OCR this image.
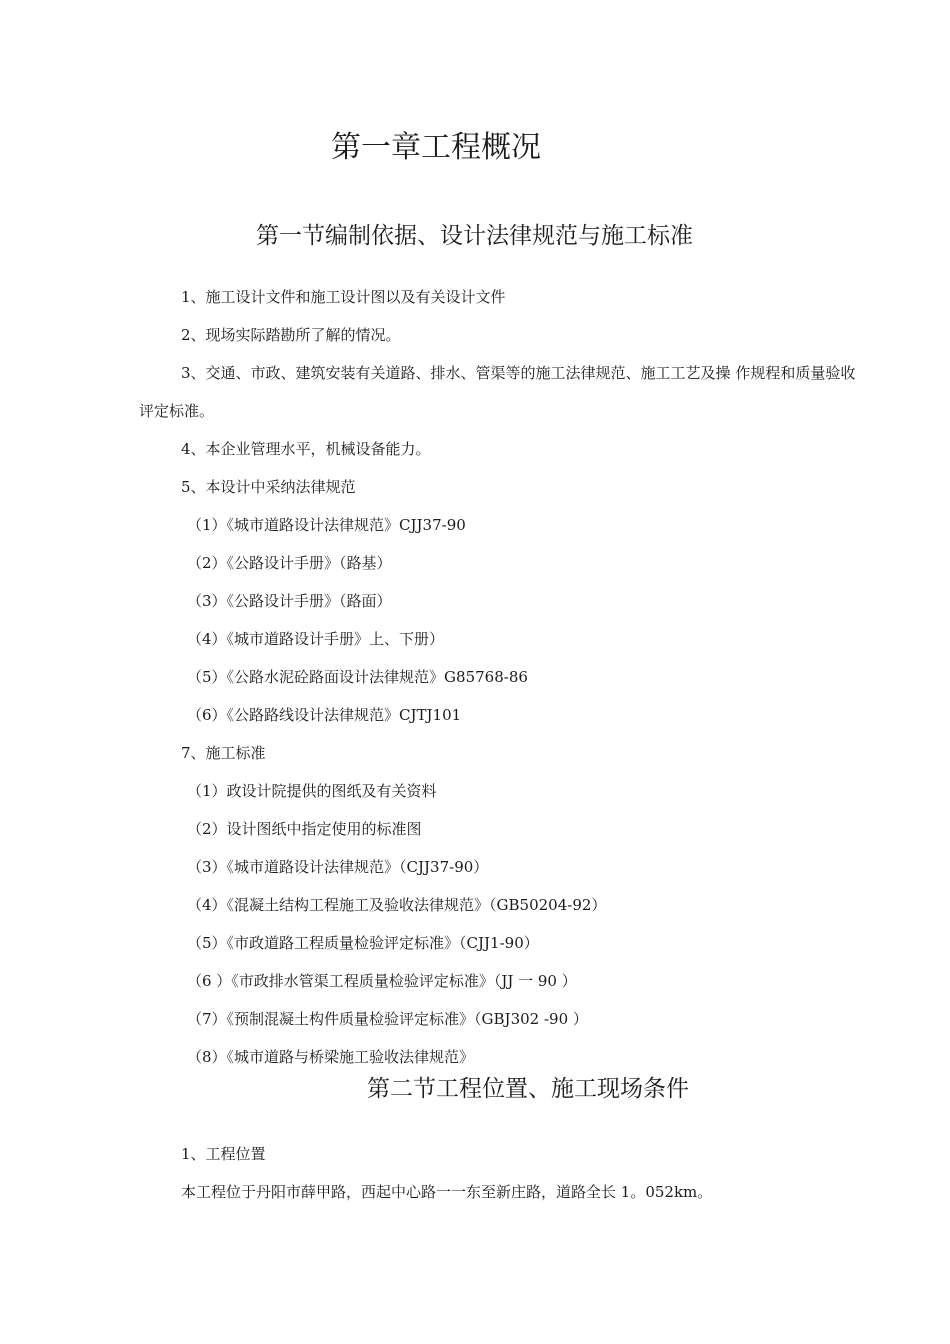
第一章工程概况
第一节编制依据、设计法律规范与施工标准
1、施工设计文件和施工设计图以及有关设计文件
2、现场实际踏勘所了解的情况。
3、交通、市政、建筑安装有关道路、排水、管渠等的施工法律规范、施工工艺及操 作规程和质量验收
评定标准。
4、本企业管理水平，机械设备能力。
5、本设计中采纳法律规范
（1）《城市道路设计法律规范》CJJ37-90
（2）《公路设计手册》（路基）
（3）《公路设计手册》（路面）
（4）《城市道路设计手册》上、下册）
（5）《公路水泥砼路面设计法律规范》G85768-86
（6）《公路路线设计法律规范》CJTJ101
7、施工标准
（1）政设计院提供的图纸及有关资料
（2）设计图纸中指定使用的标准图
（3）《城市道路设计法律规范》（CJJ37-90）
（4）《混凝土结构工程施工及验收法律规范》（GB50204-92）
（5）《市政道路工程质量检验评定标准》（CJJ1-90）
（6 ）《市政排水管渠工程质量检验评定标准》（JJ 一 90 ）
（7）《预制混凝土构件质量检验评定标准》（GBJ302 -90 ）
（8）《城市道路与桥梁施工验收法律规范》
第二节工程位置、施工现场条件
1、工程位置
本工程位于丹阳市薛甲路，西起中心路一一东至新庄路，道路全长 1。052km。
